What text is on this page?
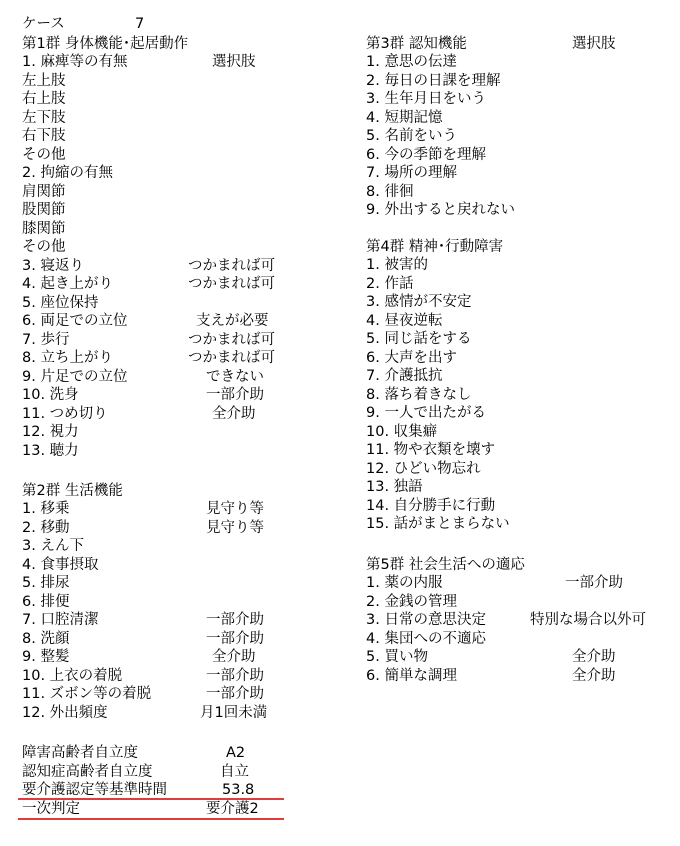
ケース	7
第1群 身体機能･起居動作
1. 麻痺等の有無	選択肢
左上肢
右上肢
左下肢
右下肢
その他
2. 拘縮の有無
肩関節
股関節
膝関節
その他
3. 寝返り	つかまれば可
4. 起き上がり	つかまれば可
5. 座位保持
6. 両足での立位	支えが必要
7. 歩行	つかまれば可
8. 立ち上がり	つかまれば可
9. 片足での立位	できない
10. 洗身	一部介助
11. つめ切り	全介助
12. 視力
13. 聴力
第2群 生活機能
1. 移乗	見守り等
2. 移動	見守り等
3. えん下
4. 食事摂取
5. 排尿
6. 排便
7. 口腔清潔	一部介助
8. 洗顔	一部介助
9. 整髪	全介助
10. 上衣の着脱	一部介助
11. ズボン等の着脱	一部介助
12. 外出頻度	月1回未満
障害高齢者自立度	A2
認知症高齢者自立度	自立
要介護認定等基準時間	53.8
一次判定	要介護2
第3群 認知機能	選択肢
1. 意思の伝達
2. 毎日の日課を理解
3. 生年月日をいう
4. 短期記憶
5. 名前をいう
6. 今の季節を理解
7. 場所の理解
8. 徘徊
9. 外出すると戻れない
第4群 精神･行動障害
1. 被害的
2. 作話
3. 感情が不安定
4. 昼夜逆転
5. 同じ話をする
6. 大声を出す
7. 介護抵抗
8. 落ち着きなし
9. 一人で出たがる
10. 収集癖
11. 物や衣類を壊す
12. ひどい物忘れ
13. 独語
14. 自分勝手に行動
15. 話がまとまらない
第5群 社会生活への適応
1. 薬の内服	一部介助
2. 金銭の管理
3. 日常の意思決定	特別な場合以外可
4. 集団への不適応
5. 買い物	全介助
6. 簡単な調理	全介助
